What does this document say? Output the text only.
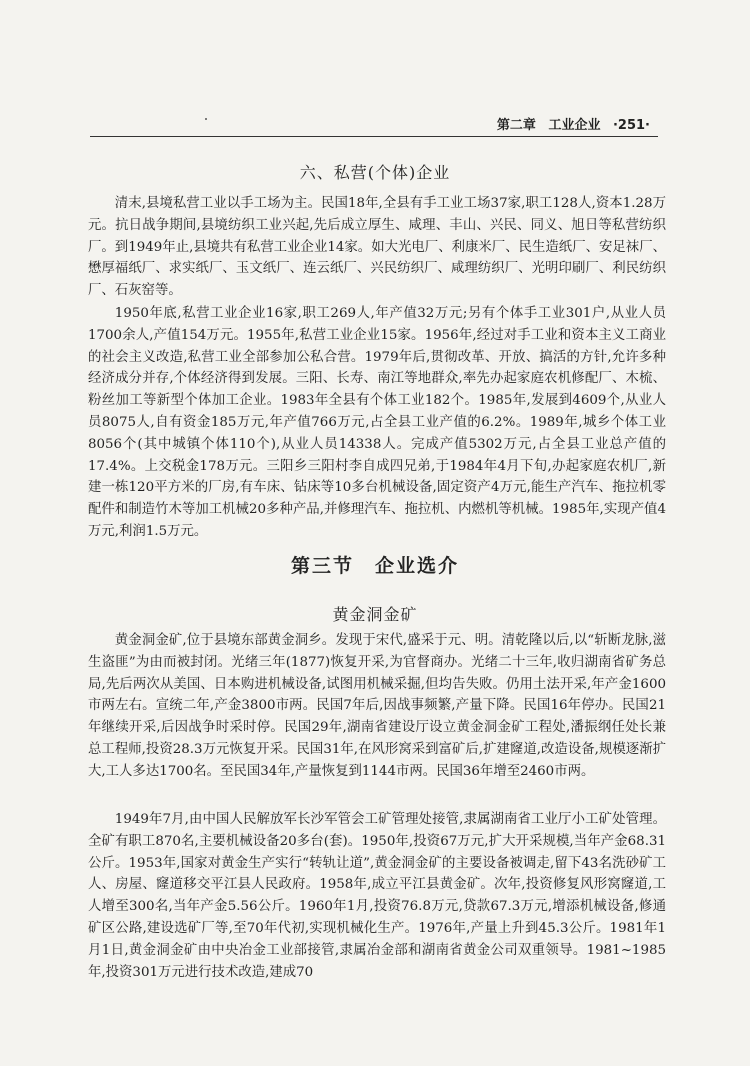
第二章 工业企业 ·251·
六、私营(个体)企业

清末,县境私营工业以手工场为主。民国18年,全县有手工业工场37家,职工128人,资本1.28万元。抗日战争期间,县境纺织工业兴起,先后成立厚生、咸理、丰山、兴民、同义、旭日等私营纺织厂。到1949年止,县境共有私营工业企业14家。如大光电厂、利康米厂、民生造纸厂、安足袜厂、懋厚福纸厂、求实纸厂、玉文纸厂、连云纸厂、兴民纺织厂、咸理纺织厂、光明印刷厂、利民纺织厂、石灰窑等。

1950年底,私营工业企业16家,职工269人,年产值32万元;另有个体手工业301户,从业人员1700余人,产值154万元。1955年,私营工业企业15家。1956年,经过对手工业和资本主义工商业的社会主义改造,私营工业全部参加公私合营。1979年后,贯彻改革、开放、搞活的方针,允许多种经济成分并存,个体经济得到发展。三阳、长寿、南江等地群众,率先办起家庭农机修配厂、木梳、粉丝加工等新型个体加工企业。1983年全县有个体工业182个。1985年,发展到4609个,从业人员8075人,自有资金185万元,年产值766万元,占全县工业产值的6.2%。1989年,城乡个体工业8056个(其中城镇个体110个),从业人员14338人。完成产值5302万元,占全县工业总产值的17.4%。上交税金178万元。三阳乡三阳村李自成四兄弟,于1984年4月下旬,办起家庭农机厂,新建一栋120平方米的厂房,有车床、钻床等10多台机械设备,固定资产4万元,能生产汽车、拖拉机零配件和制造竹木等加工机械20多种产品,并修理汽车、拖拉机、内燃机等机械。1985年,实现产值4万元,利润1.5万元。

第三节　企业选介
黄金洞金矿

黄金洞金矿,位于县境东部黄金洞乡。发现于宋代,盛采于元、明。清乾隆以后,以“斩断龙脉,滋生盗匪”为由而被封闭。光绪三年(1877)恢复开采,为官督商办。光绪二十三年,收归湖南省矿务总局,先后两次从美国、日本购进机械设备,试图用机械采掘,但均告失败。仍用土法开采,年产金1600市两左右。宣统二年,产金3800市两。民国7年后,因战事频繁,产量下降。民国16年停办。民国21年继续开采,后因战争时采时停。民国29年,湖南省建设厅设立黄金洞金矿工程处,潘振纲任处长兼总工程师,投资28.3万元恢复开采。民国31年,在风形窝采到富矿后,扩建窿道,改造设备,规模逐渐扩大,工人多达1700名。至民国34年,产量恢复到1144市两。民国36年增至2460市两。

1949年7月,由中国人民解放军长沙军管会工矿管理处接管,隶属湖南省工业厅小工矿处管理。全矿有职工870名,主要机械设备20多台(套)。1950年,投资67万元,扩大开采规模,当年产金68.31公斤。1953年,国家对黄金生产实行“转轨让道”,黄金洞金矿的主要设备被调走,留下43名洗砂矿工人、房屋、窿道移交平江县人民政府。1958年,成立平江县黄金矿。次年,投资修复风形窝窿道,工人增至300名,当年产金5.56公斤。1960年1月,投资76.8万元,贷款67.3万元,增添机械设备,修通矿区公路,建设选矿厂等,至70年代初,实现机械化生产。1976年,产量上升到45.3公斤。1981年1月1日,黄金洞金矿由中央冶金工业部接管,隶属冶金部和湖南省黄金公司双重领导。1981~1985年,投资301万元进行技术改造,建成70
